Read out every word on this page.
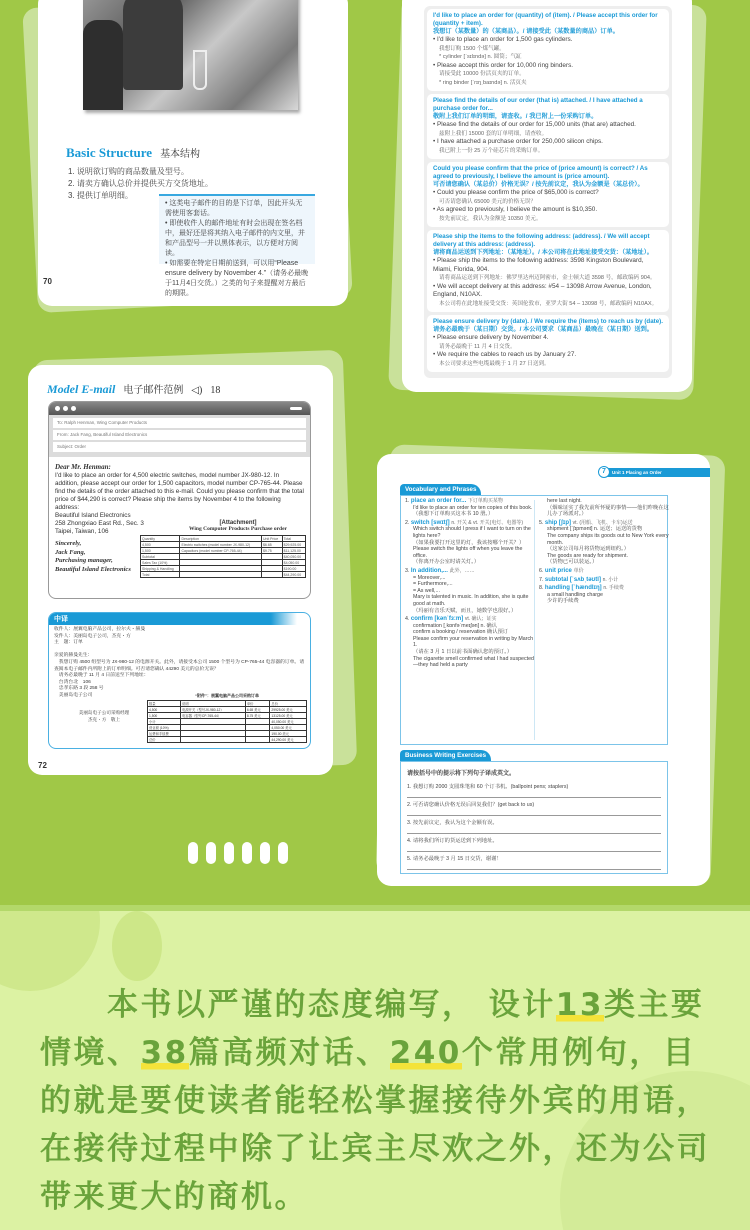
Basic Structure 基本结构
1. 说明欲订购的商品数量及型号。
2. 请卖方确认总价并提供买方交货地址。
3. 提供订单明细。
• 这类电子邮件的目的是下订单，因此开头无需使用客套话。
• 即使收件人的邮件地址有时会出现在签名档中，最好还是将其纳入电子邮件的内文里，并和产品型号一并以黑体表示，以方便对方阅读。
• 如需要在特定日期前送到，可以用“Please ensure delivery by November 4.”（请务必最晚于11月4日交货。）之类的句子来提醒对方最后的期限。
70
I'd like to place an order for (quantity) of (item). / Please accept this order for (quantity + item).
我想订（某数量）的（某商品）。/ 请接受此（某数量的商品）订单。
• I'd like to place an order for 1,500 gas cylinders.
我想订购 1500 个煤气罐。
* cylinder [ˈsɪlɪndə] n. 圆筒；气缸
• Please accept this order for 10,000 ring binders.
请接受此 10000 份活页夹的订单。
* ring binder [ˈrɪŋˌbaɪndə] n. 活页夹
Please find the details of our order (that is) attached. / I have attached a purchase order for...
敬附上我们订单的明细，请查收。/ 我已附上一份采购订单。
• Please find the details of our order for 15,000 units (that are) attached.
兹附上我们 15000 套的订单明细，请查收。
• I have attached a purchase order for 250,000 silicon chips.
我已附上一份 25 万个硅芯片的采购订单。
Could you please confirm that the price of (price amount) is correct? / As agreed to previously, I believe the amount is (price amount).
可否请您确认（某总价）价格无误？/ 按先前议定，我认为金额是（某总价）。
• Could you please confirm the price of $65,000 is correct?
可否请您确认 65000 美元的价格无误？
• As agreed to previously, I believe the amount is $10,350.
按先前议定，我认为金额是 10350 美元。
Please ship the items to the following address: (address). / We will accept delivery at this address: (address).
请将商品运送到下列地址：（某地址）。/ 本公司将在此地址接受交货：（某地址）。
• Please ship the items to the following address: 3598 Kingston Boulevard, Miami, Florida, 904.
请将商品运送到下列地址：佛罗里达州迈阿密市，金士顿大道 3598 号，邮政编码 904。
• We will accept delivery at this address: #54 – 13098 Arrow Avenue, London, England, N10AX.
本公司将在此地址接受交货：英国伦敦市，亚罗大街 54 – 13098 号，邮政编码 N10AX。
Please ensure delivery by (date). / We require the (items) to reach us by (date).
请务必最晚于（某日期）交货。/ 本公司要求（某商品）最晚在（某日期）送到。
• Please ensure delivery by November 4.
请务必最晚于 11 月 4 日交货。
• We require the cables to reach us by January 27.
本公司要求这些电缆最晚于 1 月 27 日送到。
Model E-mail 电子邮件范例 ◁) 18
To: Ralph Henman, Wing Computer Products
From: Jack Fang, Beautiful Island Electronics
Subject: Order
Dear Mr. Henman:
I'd like to place an order for 4,500 electric switches, model number JX-980-12. In addition, please accept our order for 1,500 capacitors, model number CP-765-44. Please find the details of the order attached to this e-mail. Could you please confirm that the total price of $44,290 is correct? Please ship the items by November 4 to the following address:
Beautiful Island Electronics
258 Zhongxiao East Rd., Sec. 3
Taipei, Taiwan, 106
Sincerely,
Jack Fang,
Purchasing manager,
Beautiful Island Electronics
[Attachment]
Wing Computer Products Purchase order
Quantity	Description	Unit Price	Total
4,500	Electric switches (model number JX-980-12)	$6.65	$29,925.00
1,500	Capacitors (model number CP-765-44)	$9.75	$11,125.00
Subtotal			$40,050.00
Sales Tax (10%)			$4,050.00
Shipping & Handling			$190.00
Total			$44,290.00
中译
收件人：展翼电脑产品公司，拉尔夫・赫曼
发件人：美丽岛电子公司，杰克・方
主　题：订单

亲爱的赫曼先生：
　我想订购 4500 组型号为 JX-980-12 的电源开关。此外，请接受本公司 1500 个型号为 CP-765-44 电容器的订单。请查阅本电子邮件内所附上的订单明细。可否请您确认 44290 美元的总价无误？
　请务必最晚于 11 月 4 日前送至下列地址：
　台湾台北　106
　忠孝东路 3 段 258 号
　美丽岛电子公司	“附件”：展翼电脑产品公司采购订单
美丽岛电子公司采购经理
杰克・方　敬上
数量	说明	单价	总价
4,500	电源开关（型号JX-980-12）	6.65 美元	29925.00 美元
1,500	电容器（型号CP-765-44）	8.75 美元	13125.00 美元
小计			40,050.00 美元
营业税 (10%)			4,050.00 美元
运费和手续费			190.00 美元
总价			44,290.00 美元
72
7	Unit 1 Placing an Order
Vocabulary and Phrases
1. place an order for... 下订单购买某物
I'd like to place an order for ten copies of this book.
（我想下订单购买这本书 10 册。）
2. switch [swɪtʃ] n. 开关 & vt. 开关(电灯、电器等)
Which switch should I press if I want to turn on the lights here?
（如果我要打开这里的灯，我该按哪个开关？）
Please switch the lights off when you leave the office.
（你离开办公室时请关灯。）
3. In addition,... 此外，……
= Moreover,...
= Furthermore,...
= As well,...
Mary is talented in music. In addition, she is quite good at math.
（玛丽有音乐天赋，而且，她数学也很好。）
4. confirm [kənˈfɜːm] vt. 确认；证实
confirmation [ˌkɒnfəˈmeɪʃən] n. 确认
confirm a booking / reservation 确认预订
Please confirm your reservation in writing by March 1.
（请在 3 月 1 日以前书面确认您的预订。）
The cigarette smell confirmed what I had suspected—they had held a party
here last night.
（烟味证实了我先前所怀疑的事情——他们昨晚在这儿办了场派对。）
5. ship [ʃɪp] vt. (用船、飞机、卡车)运送
shipment [ˈʃɪpmənt] n. 运送；运送的货物
The company ships its goods out to New York every month.
（这家公司每月将货物运到纽约。）
The goods are ready for shipment.
（货物已可以装运。）
6. unit price 单价
7. subtotal [ˈsʌbˌtəʊtl] n. 小计
8. handling [ˈhændlɪŋ] n. 手续费
a small handling charge
少许的手续费
Business Writing Exercises
请按括号中的提示将下列句子译成英文。
1. 我想订购 2000 支圆珠笔和 60 个订书机。(ballpoint pens; staplers)
2. 可否请您确认价格无误后回复我们？(get back to us)
3. 按先前议定，我认为这个金额有误。
4. 请将我们所订的货运送到下列地址。
5. 请务必最晚于 3 月 15 日交货，谢谢！
　　本书以严谨的态度编写， 设计13类主要情境、38篇高频对话、240个常用例句，目的就是要使读者能轻松掌握接待外宾的用语，在接待过程中除了让宾主尽欢之外，还为公司带来更大的商机。
